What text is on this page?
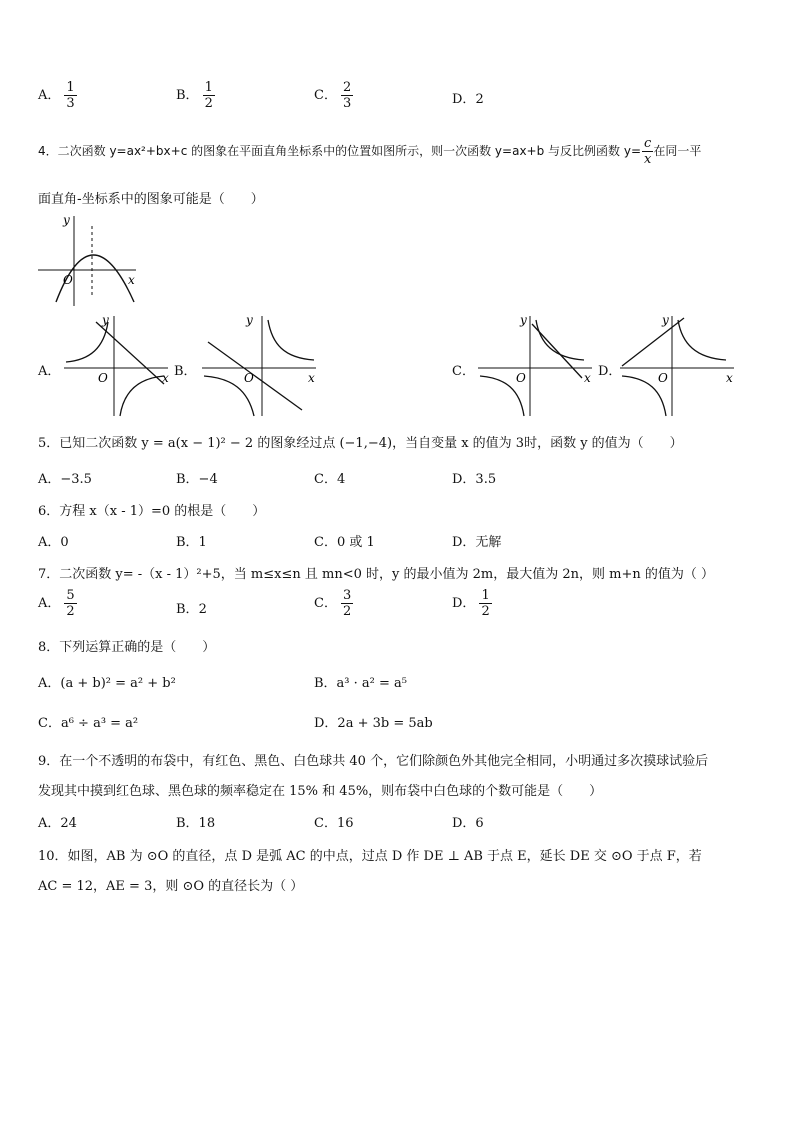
A． $\frac{1}{3}$	B． $\frac{1}{2}$	C． $\frac{2}{3}$	D．2
4．二次函数 y=ax²+bx+c 的图象在平面直角坐标系中的位置如图所示，则一次函数 y=ax+b 与反比例函数 $y= \frac{c}{x}$ 在同一平
面直角-坐标系中的图象可能是（　　）
y
x
O
A．	B．	C．	D．
y
x
O
y
x
O
y
x
O
y
x
O
5．已知二次函数 y = a(x − 1)² − 2 的图象经过点 (−1,−4)，当自变量 x 的值为 3时，函数 y 的值为（　　）
A．−3.5	B．−4	C．4	D．3.5
6．方程 x（x - 1）=0 的根是（　　）
A．0	B．1	C．0 或 1	D．无解
7．二次函数 y= -（x - 1）²+5，当 m≤x≤n 且 mn<0 时，y 的最小值为 2m，最大值为 2n，则 m+n 的值为（ ）
A． $\frac{5}{2}$	B．2	C． $\frac{3}{2}$	D． $\frac{1}{2}$
8．下列运算正确的是（　　）
A．(a + b)² = a² + b²	B．a³ · a² = a⁵
C．a⁶ ÷ a³ = a²	D．2a + 3b = 5ab
9．在一个不透明的布袋中，有红色、黑色、白色球共 40 个，它们除颜色外其他完全相同，小明通过多次摸球试验后
发现其中摸到红色球、黑色球的频率稳定在 15% 和 45%，则布袋中白色球的个数可能是（　　）
A．24	B．18	C．16	D．6
10．如图，AB 为 ⊙O 的直径，点 D 是弧 AC 的中点，过点 D 作 DE ⊥ AB 于点 E，延长 DE 交 ⊙O 于点 F，若
AC = 12，AE = 3，则 ⊙O 的直径长为（ ）
